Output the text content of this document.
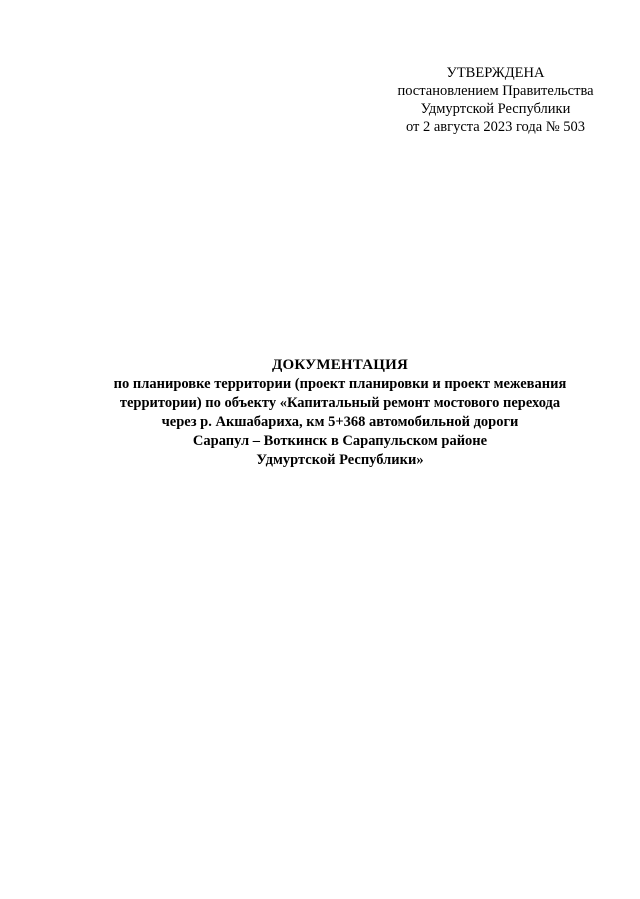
УТВЕРЖДЕНА
постановлением Правительства
Удмуртской Республики
от 2 августа 2023 года № 503
ДОКУМЕНТАЦИЯ
по планировке территории (проект планировки и проект межевания
территории) по объекту «Капитальный ремонт мостового перехода
через р. Акшабариха, км 5+368 автомобильной дороги
Сарапул – Воткинск в Сарапульском районе
Удмуртской Республики»
